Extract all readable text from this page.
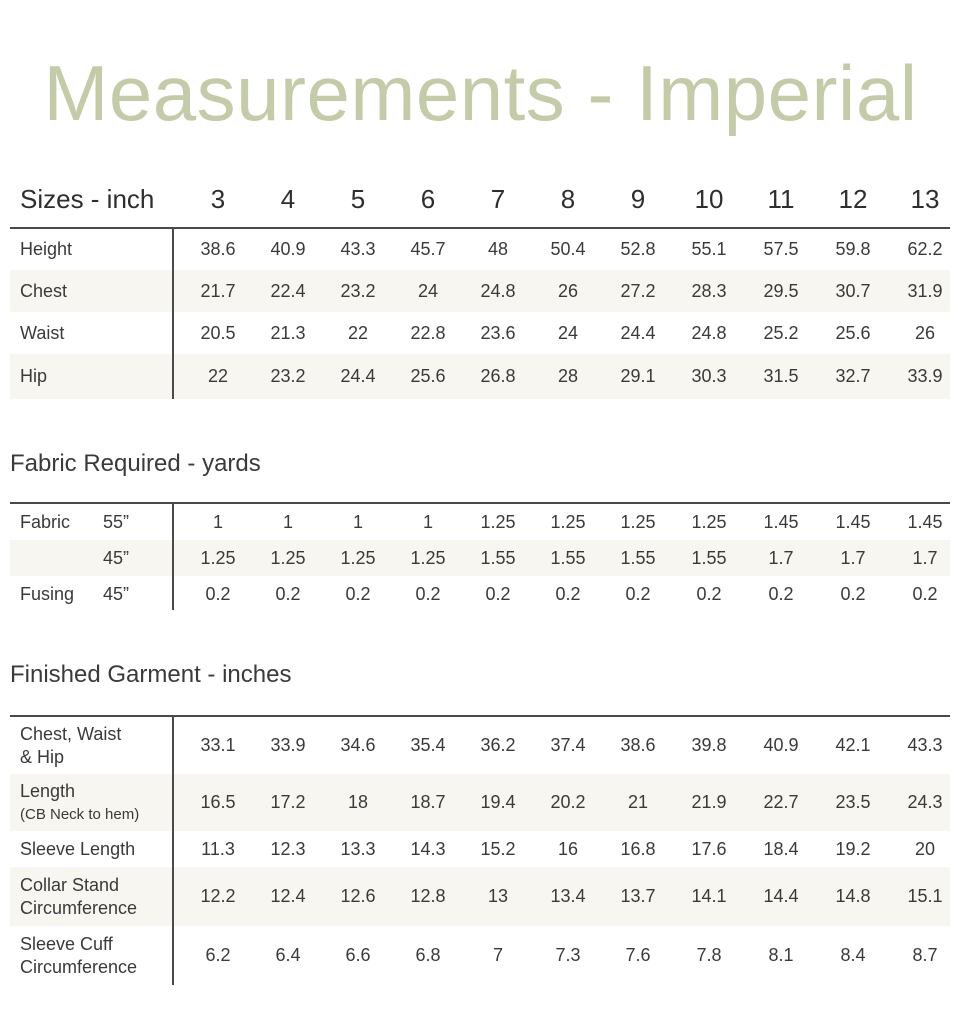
Measurements - Imperial
Sizes - inch	3	4	5	6	7	8	9	10	11	12	13
Height	38.6	40.9	43.3	45.7	48	50.4	52.8	55.1	57.5	59.8	62.2
Chest	21.7	22.4	23.2	24	24.8	26	27.2	28.3	29.5	30.7	31.9
Waist	20.5	21.3	22	22.8	23.6	24	24.4	24.8	25.2	25.6	26
Hip	22	23.2	24.4	25.6	26.8	28	29.1	30.3	31.5	32.7	33.9
Fabric Required - yards
Fabric 55”	1	1	1	1	1.25	1.25	1.25	1.25	1.45	1.45	1.45
45”	1.25	1.25	1.25	1.25	1.55	1.55	1.55	1.55	1.7	1.7	1.7
Fusing 45”	0.2	0.2	0.2	0.2	0.2	0.2	0.2	0.2	0.2	0.2	0.2
Finished Garment - inches
Chest, Waist
& Hip
33.1	33.9	34.6	35.4	36.2	37.4	38.6	39.8	40.9	42.1	43.3
Length
(CB Neck to hem)
16.5	17.2	18	18.7	19.4	20.2	21	21.9	22.7	23.5	24.3
Sleeve Length	11.3	12.3	13.3	14.3	15.2	16	16.8	17.6	18.4	19.2	20
Collar Stand
Circumference
12.2	12.4	12.6	12.8	13	13.4	13.7	14.1	14.4	14.8	15.1
Sleeve Cuff
Circumference
6.2	6.4	6.6	6.8	7	7.3	7.6	7.8	8.1	8.4	8.7
